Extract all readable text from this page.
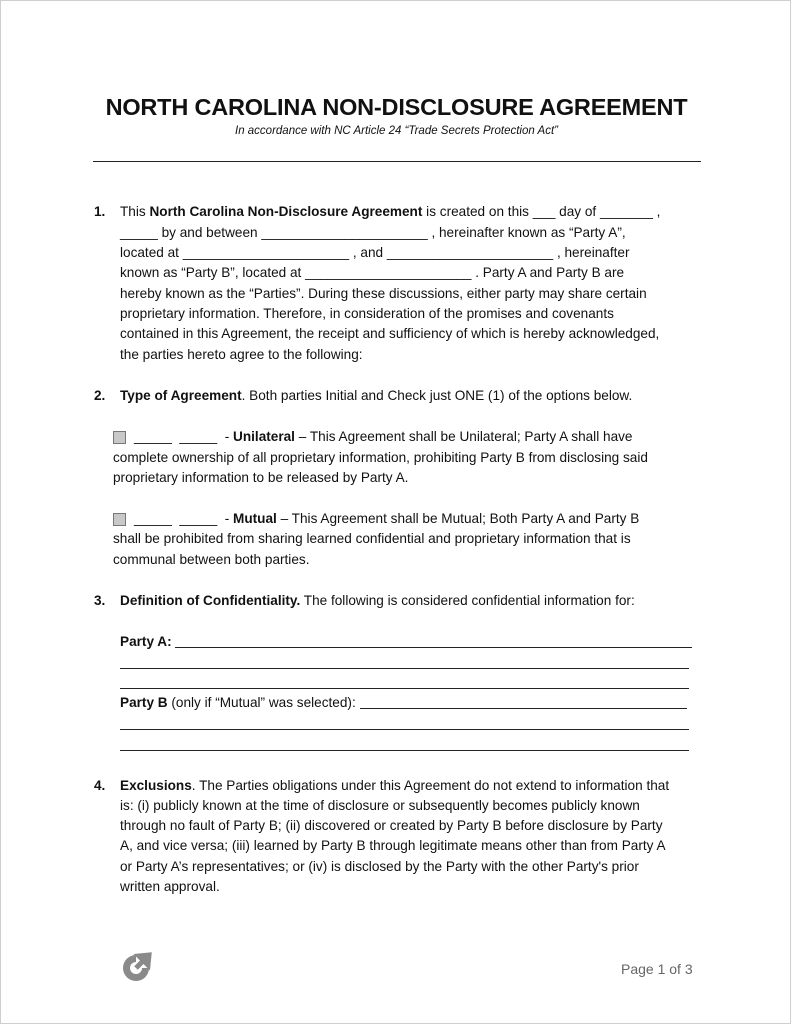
NORTH CAROLINA NON-DISCLOSURE AGREEMENT
In accordance with NC Article 24 “Trade Secrets Protection Act”
1. This North Carolina Non-Disclosure Agreement is created on this ___ day of _______ ,
_____ by and between ______________________ , hereinafter known as “Party A”,
located at ______________________ , and ______________________ , hereinafter
known as “Party B”, located at ______________________ . Party A and Party B are
hereby known as the “Parties”. During these discussions, either party may share certain
proprietary information. Therefore, in consideration of the promises and covenants
contained in this Agreement, the receipt and sufficiency of which is hereby acknowledged,
the parties hereto agree to the following:
2. Type of Agreement . Both parties Initial and Check just ONE (1) of the options below.
_____  _____  - Unilateral – This Agreement shall be Unilateral; Party A shall have
complete ownership of all proprietary information, prohibiting Party B from disclosing said
proprietary information to be released by Party A.
_____  _____  - Mutual – This Agreement shall be Mutual; Both Party A and Party B
shall be prohibited from sharing learned confidential and proprietary information that is
communal between both parties.
3. Definition of Confidentiality. The following is considered confidential information for:
Party A:

Party B (only if “Mutual” was selected):
4. Exclusions . The Parties obligations under this Agreement do not extend to information that
is: (i) publicly known at the time of disclosure or subsequently becomes publicly known
through no fault of Party B; (ii) discovered or created by Party B before disclosure by Party
A, and vice versa; (iii) learned by Party B through legitimate means other than from Party A
or Party A’s representatives; or (iv) is disclosed by the Party with the other Party's prior
written approval.
Page 1 of 3
